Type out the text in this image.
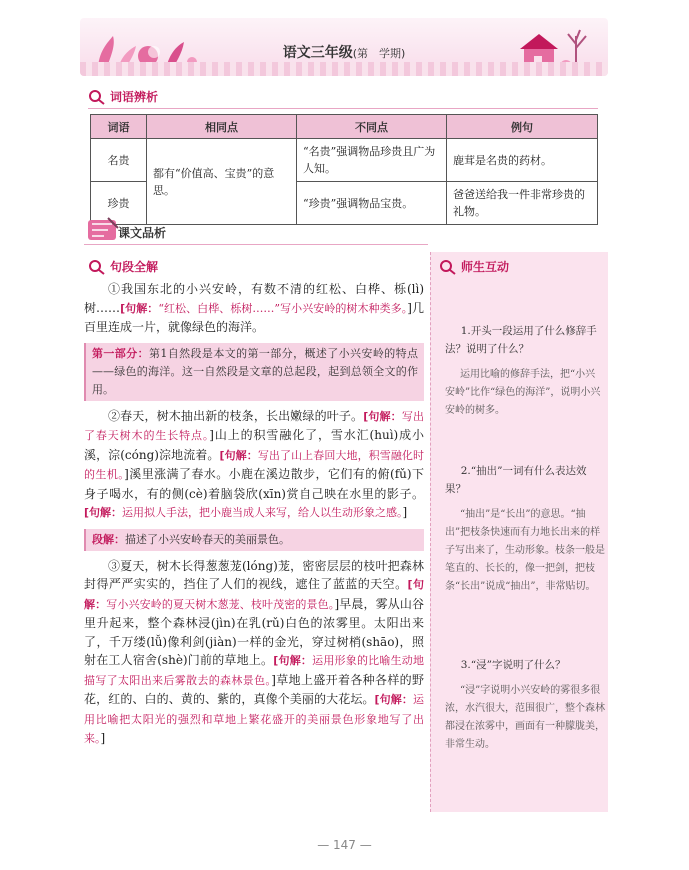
语文三年级(第　学期)
词语辨析
词语	相同点	不同点	例句
名贵	都有“价值高、宝贵”的意思。	“名贵”强调物品珍贵且广为人知。	鹿茸是名贵的药材。
珍贵		“珍贵”强调物品宝贵。	爸爸送给我一件非常珍贵的礼物。
课文品析
句段全解

①我国东北的小兴安岭，有数不清的红松、白桦、栎(lì)树……[句解：“红松、白桦、栎树……”写小兴安岭的树木种类多。]几百里连成一片，就像绿色的海洋。

第一部分：第1自然段是本文的第一部分，概述了小兴安岭的特点——绿色的海洋。这一自然段是文章的总起段，起到总领全文的作用。

②春天，树木抽出新的枝条，长出嫩绿的叶子。[句解：写出了春天树木的生长特点。]山上的积雪融化了，雪水汇(huì)成小溪，淙(cóng)淙地流着。[句解：写出了山上春回大地，积雪融化时的生机。]溪里涨满了春水。小鹿在溪边散步，它们有的俯(fǔ)下身子喝水，有的侧(cè)着脑袋欣(xīn)赏自己映在水里的影子。[句解：运用拟人手法，把小鹿当成人来写，给人以生动形象之感。]

段解：描述了小兴安岭春天的美丽景色。

③夏天，树木长得葱葱茏(lóng)茏，密密层层的枝叶把森林封得严严实实的，挡住了人们的视线，遮住了蓝蓝的天空。[句解：写小兴安岭的夏天树木葱茏、枝叶茂密的景色。]早晨，雾从山谷里升起来，整个森林浸(jìn)在乳(rǔ)白色的浓雾里。太阳出来了，千万缕(lǚ)像利剑(jiàn)一样的金光，穿过树梢(shāo)，照射在工人宿舍(shè)门前的草地上。[句解：运用形象的比喻生动地描写了太阳出来后雾散去的森林景色。]草地上盛开着各种各样的野花，红的、白的、黄的、紫的，真像个美丽的大花坛。[句解：运用比喻把太阳光的强烈和草地上繁花盛开的美丽景色形象地写了出来。]

师生互动
1.开头一段运用了什么修辞手法？说明了什么？
运用比喻的修辞手法，把“小兴安岭”比作“绿色的海洋”，说明小兴安岭的树多。
2.“抽出”一词有什么表达效果？
“抽出”是“长出”的意思。“抽出”把枝条快速而有力地长出来的样子写出来了，生动形象。枝条一般是笔直的、长长的，像一把剑，把枝条“长出”说成“抽出”，非常贴切。
3.“浸”字说明了什么？
“浸”字说明小兴安岭的雾很多很浓，水汽很大，范围很广，整个森林都浸在浓雾中，画面有一种朦胧美，非常生动。
— 147 —
